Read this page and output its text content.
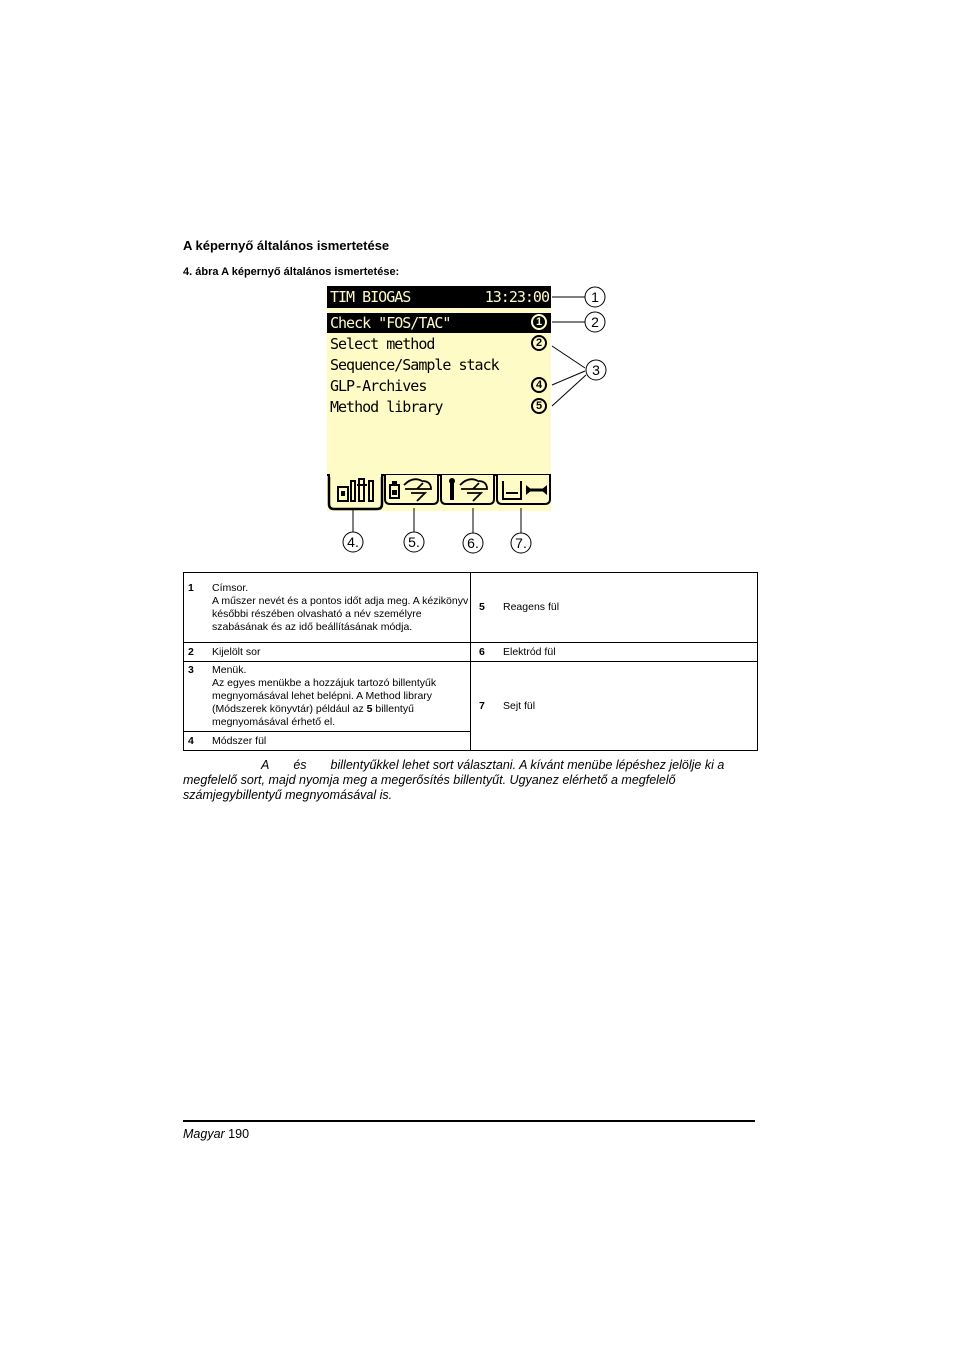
A képernyő általános ismertetése
4. ábra A képernyő általános ismertetése:
TIM BIOGAS	13:23:00
Check "FOS/TAC"	1
Select method	2
Sequence/Sample stack
GLP-Archives	4
Method library	5
1
2
3
4.	5.	6.	7.
1 Címsor.
A műszer nevét és a pontos időt adja meg. A kézikönyv későbbi részében olvasható a név személyre szabásának és az idő beállításának módja.	5 Reagens fül

2 Kijelölt sor	6 Elektród fül

3 Menük.
Az egyes menükbe a hozzájuk tartozó billentyűk megnyomásával lehet belépni. A Method library (Módszerek könyvtár) például az 5 billentyű megnyomásával érhető el.	7 Sejt fül

4 Módszer fül	
A és billentyűkkel lehet sort választani. A kívánt menübe lépéshez jelölje ki a megfelelő sort, majd nyomja meg a megerősítés billentyűt. Ugyanez elérhető a megfelelő számjegybillentyű megnyomásával is.
Magyar 190
